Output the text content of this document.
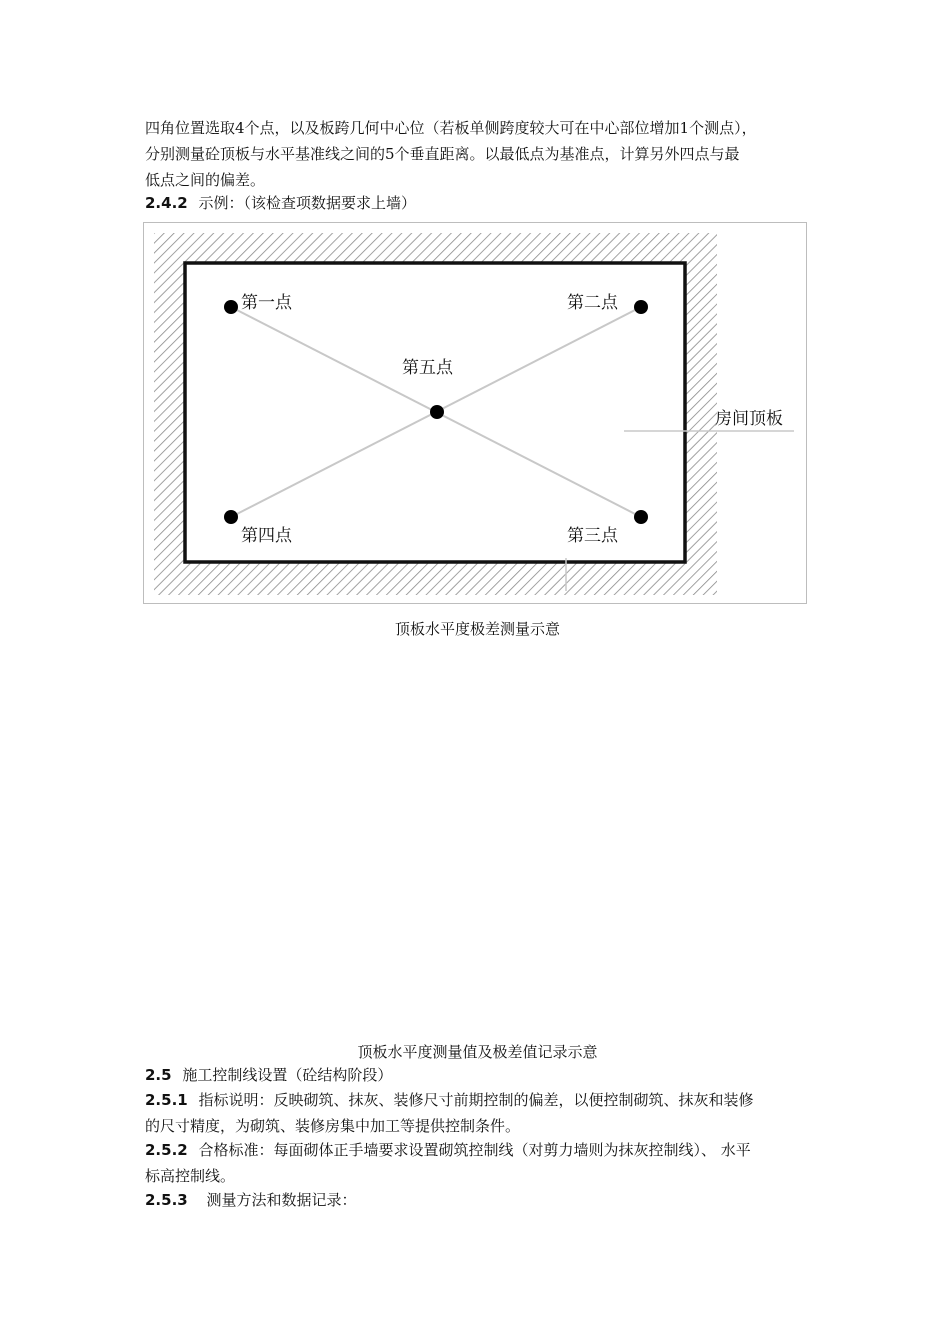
四角位置选取4个点，以及板跨几何中心位（若板单侧跨度较大可在中心部位增加1个测点），
分别测量砼顶板与水平基准线之间的5个垂直距离。以最低点为基准点，计算另外四点与最
低点之间的偏差。
2.4.2 示例：（该检查项数据要求上墙）
第一点	第二点
第三点
第四点
第五点
房间顶板
顶板水平度极差测量示意
顶板水平度测量值及极差值记录示意
2.5 施工控制线设置（砼结构阶段）
2.5.1 指标说明：反映砌筑、抹灰、装修尺寸前期控制的偏差，以便控制砌筑、抹灰和装修
的尺寸精度，为砌筑、装修房集中加工等提供控制条件。
2.5.2 合格标准：每面砌体正手墙要求设置砌筑控制线（对剪力墙则为抹灰控制线）、 水平
标高控制线。
2.5.3 测量方法和数据记录：
